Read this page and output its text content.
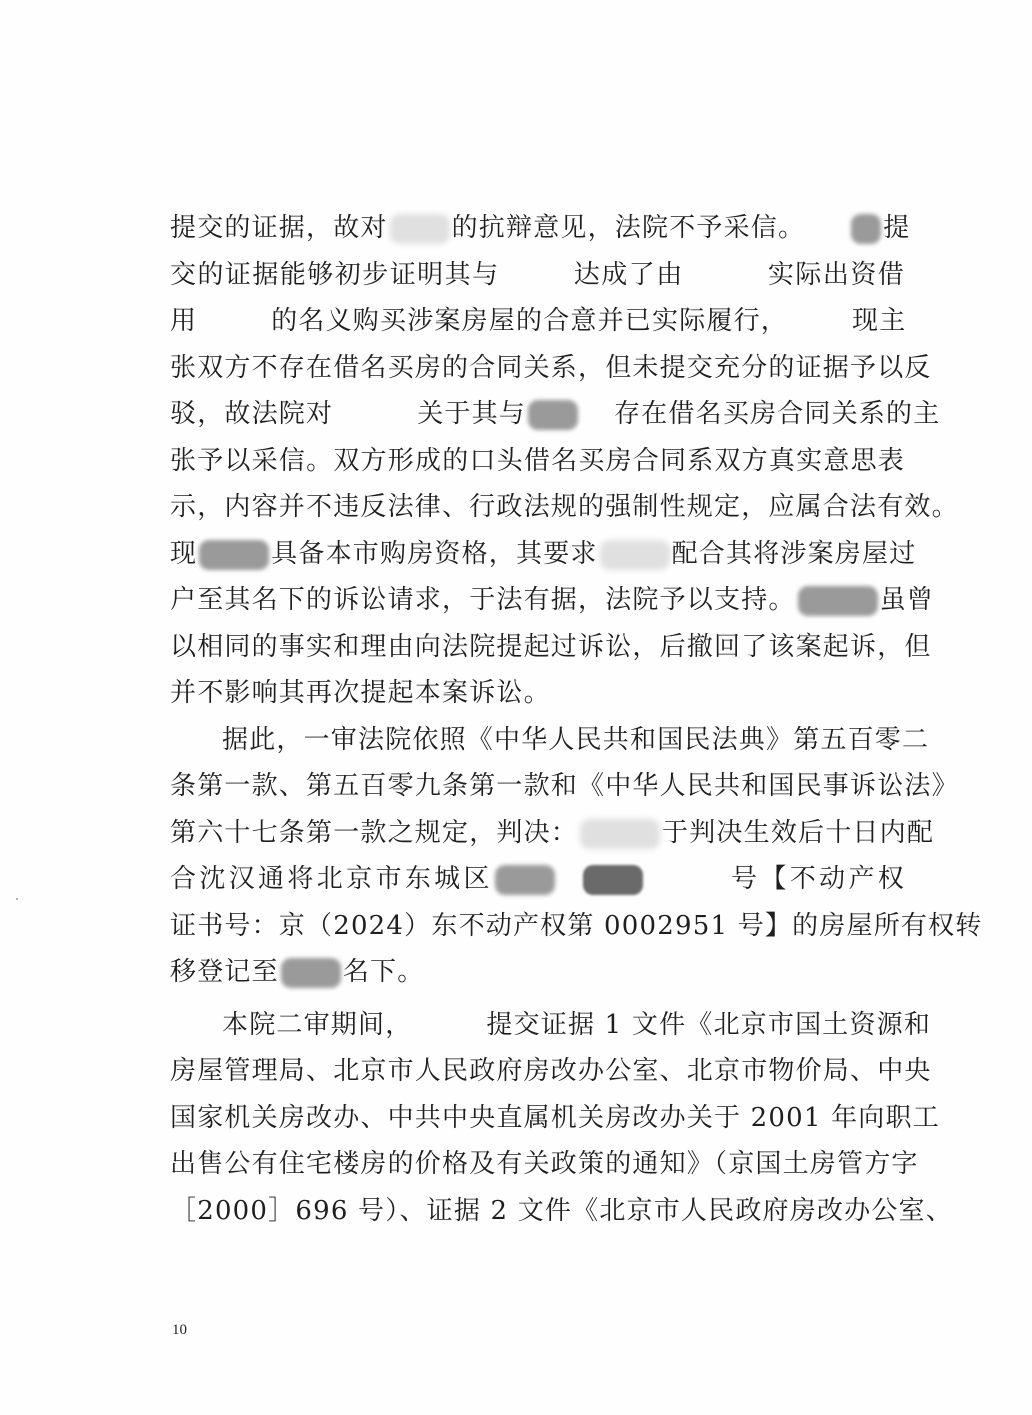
提交的证据，故对 的抗辩意见，法院不予采信。	提
交的证据能够初步证明其与	达成了由	实际出资借
用	的名义购买涉案房屋的合意并已实际履行， 现主
张双方不存在借名买房的合同关系，但未提交充分的证据予以反
驳，故法院对	关于其与	存在借名买房合同关系的主
张予以采信。双方形成的口头借名买房合同系双方真实意思表
示，内容并不违反法律、行政法规的强制性规定，应属合法有效。
现	具备本市购房资格，其要求	配合其将涉案房屋过
户至其名下的诉讼请求，于法有据，法院予以支持。	虽曾
以相同的事实和理由向法院提起过诉讼，后撤回了该案起诉，但
并不影响其再次提起本案诉讼。
据此，一审法院依照《中华人民共和国民法典》第五百零二
条第一款、第五百零九条第一款和《中华人民共和国民事诉讼法》
第六十七条第一款之规定，判决：	于判决生效后十日内配
合沈汉通将北京市东城区	号【不动产权
证书号：京（2024）东不动产权第 0002951 号】的房屋所有权转
移登记至 名下。
本院二审期间，	提交证据 1 文件《北京市国土资源和
房屋管理局、北京市人民政府房改办公室、北京市物价局、中央
国家机关房改办、中共中央直属机关房改办关于 2001 年向职工
出售公有住宅楼房的价格及有关政策的通知》（京国土房管方字
［2000］696 号）、证据 2 文件《北京市人民政府房改办公室、
10
